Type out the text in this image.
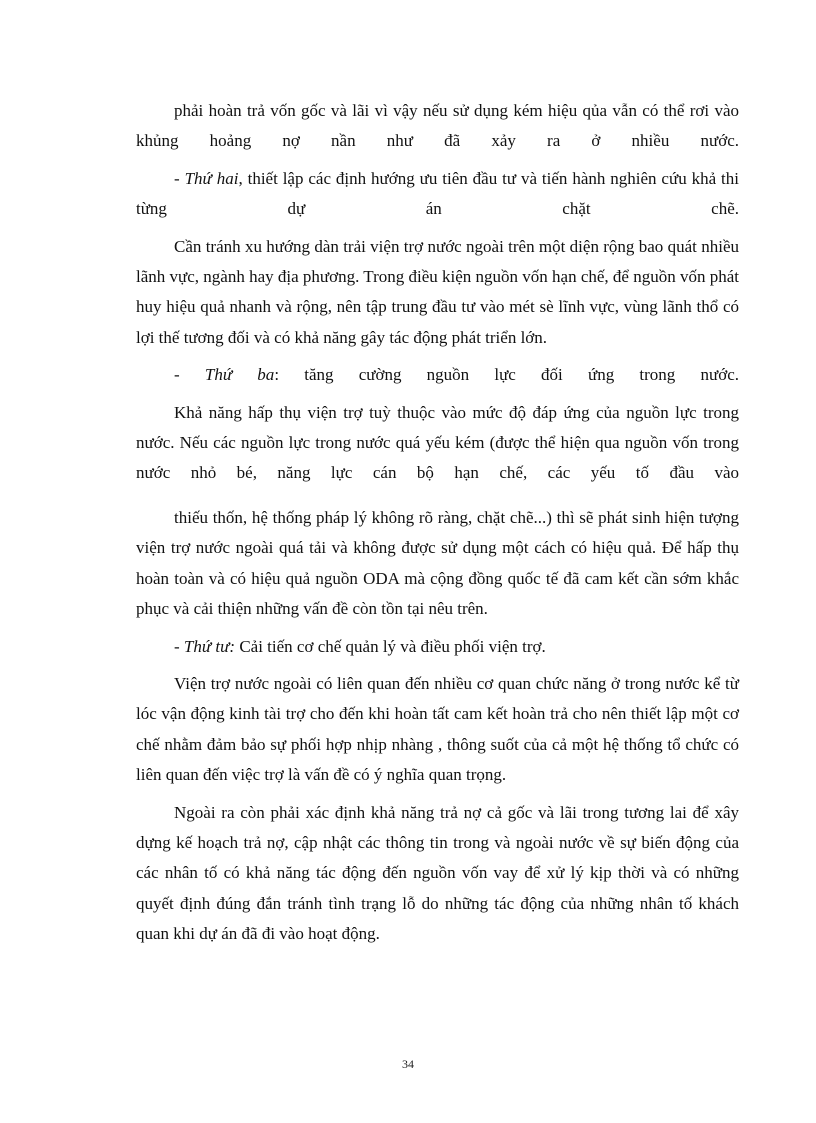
phải hoàn trả vốn gốc và lãi vì vậy nếu sử dụng kém hiệu qủa vẫn có thể rơi vào khủng hoảng nợ nần như đã xảy ra ở nhiều nước.

- Thứ hai, thiết lập các định hướng ưu tiên đầu tư và tiến hành nghiên cứu khả thi từng dự án chặt chẽ.

Cần tránh xu hướng dàn trải viện trợ nước ngoài trên một diện rộng bao quát nhiều lãnh vực, ngành hay địa phương. Trong điều kiện nguồn vốn hạn chế, để nguồn vốn phát huy hiệu quả nhanh và rộng, nên tập trung đầu tư vào mét sè lĩnh vực, vùng lãnh thổ có lợi thế tương đối và có khả năng gây tác động phát triển lớn.

- Thứ ba: tăng cường nguồn lực đối ứng trong nước.

Khả năng hấp thụ viện trợ tuỳ thuộc vào mức độ đáp ứng của nguồn lực trong nước. Nếu các nguồn lực trong nước quá yếu kém (được thể hiện qua nguồn vốn trong nước nhỏ bé, năng lực cán bộ hạn chế, các yếu tố đầu vào

thiếu thốn, hệ thống pháp lý không rõ ràng, chặt chẽ...) thì sẽ phát sinh hiện tượng viện trợ nước ngoài quá tải và không được sử dụng một cách có hiệu quả. Để hấp thụ hoàn toàn và có hiệu quả nguồn ODA mà cộng đồng quốc tế đã cam kết cần sớm khắc phục và cải thiện những vấn đề còn tồn tại nêu trên.

- Thứ tư: Cải tiến cơ chế quản lý và điều phối viện trợ.

Viện trợ nước ngoài có liên quan đến nhiều cơ quan chức năng ở trong nước kể từ lóc vận động kinh tài trợ cho đến khi hoàn tất cam kết hoàn trả cho nên thiết lập một cơ chế nhằm đảm bảo sự phối hợp nhịp nhàng , thông suốt của cả một hệ thống tổ chức có liên quan đến việc trợ là vấn đề có ý nghĩa quan trọng.

Ngoài ra còn phải xác định khả năng trả nợ cả gốc và lãi trong tương lai để xây dựng kế hoạch trả nợ, cập nhật các thông tin trong và ngoài nước về sự biến động của các nhân tố có khả năng tác động đến nguồn vốn vay để xử lý kịp thời và có những quyết định đúng đắn tránh tình trạng lỗ do những tác động của những nhân tố khách quan khi dự án đã đi vào hoạt động.

34
